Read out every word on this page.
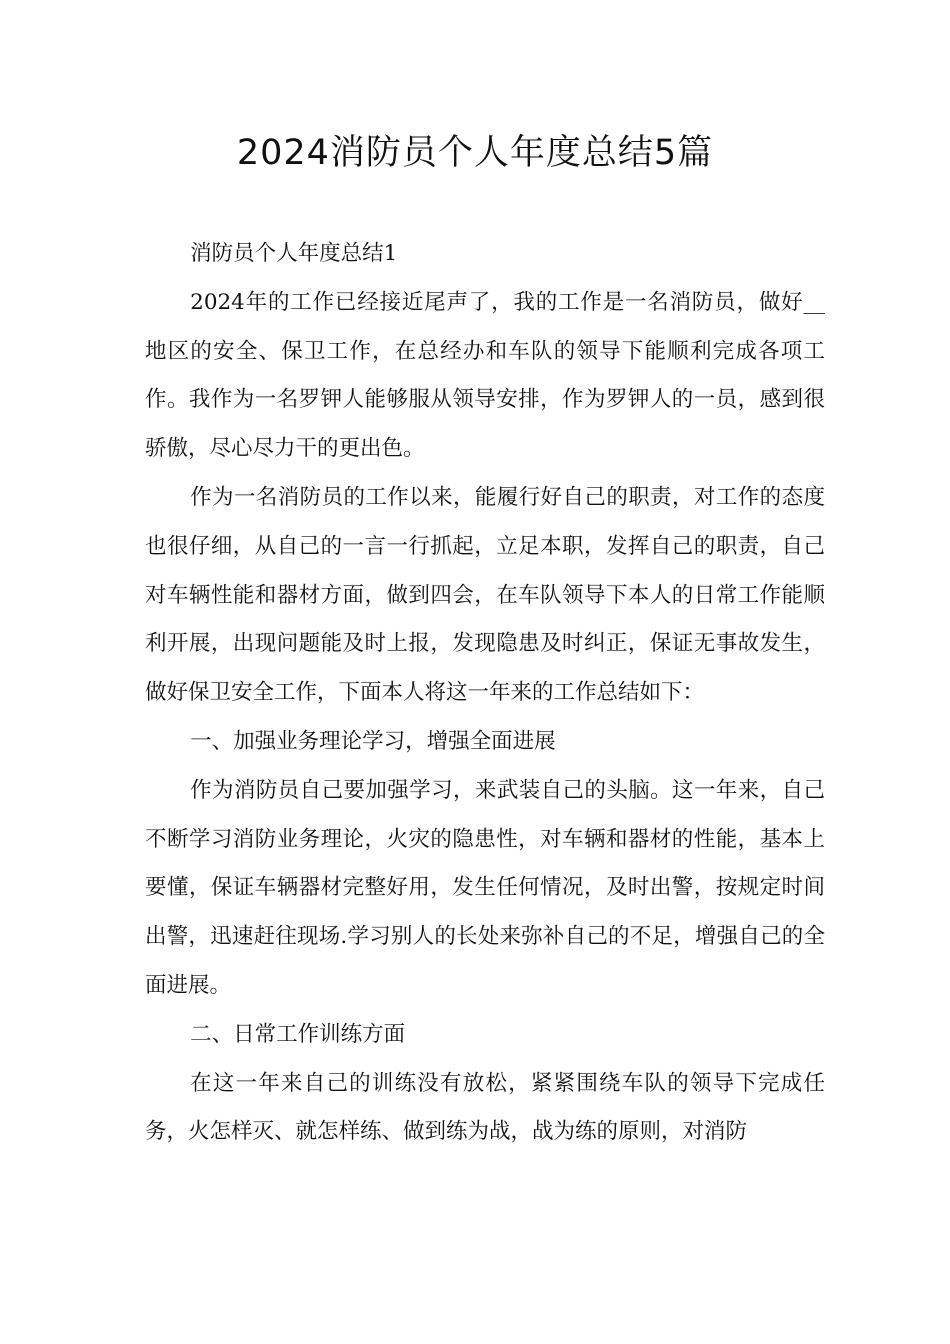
2024消防员个人年度总结5篇

消防员个人年度总结1

2024年的工作已经接近尾声了，我的工作是一名消防员，做好__地区的安全、保卫工作，在总经办和车队的领导下能顺利完成各项工作。我作为一名罗钾人能够服从领导安排，作为罗钾人的一员，感到很骄傲，尽心尽力干的更出色。

作为一名消防员的工作以来，能履行好自己的职责，对工作的态度也很仔细，从自己的一言一行抓起，立足本职，发挥自己的职责，自己对车辆性能和器材方面，做到四会，在车队领导下本人的日常工作能顺利开展，出现问题能及时上报，发现隐患及时纠正，保证无事故发生，做好保卫安全工作，下面本人将这一年来的工作总结如下：

一、加强业务理论学习，增强全面进展

作为消防员自己要加强学习，来武装自己的头脑。这一年来，自己不断学习消防业务理论，火灾的隐患性，对车辆和器材的性能，基本上要懂，保证车辆器材完整好用，发生任何情况，及时出警，按规定时间出警，迅速赶往现场.学习别人的长处来弥补自己的不足，增强自己的全面进展。

二、日常工作训练方面

在这一年来自己的训练没有放松，紧紧围绕车队的领导下完成任务，火怎样灭、就怎样练、做到练为战，战为练的原则，对消防
